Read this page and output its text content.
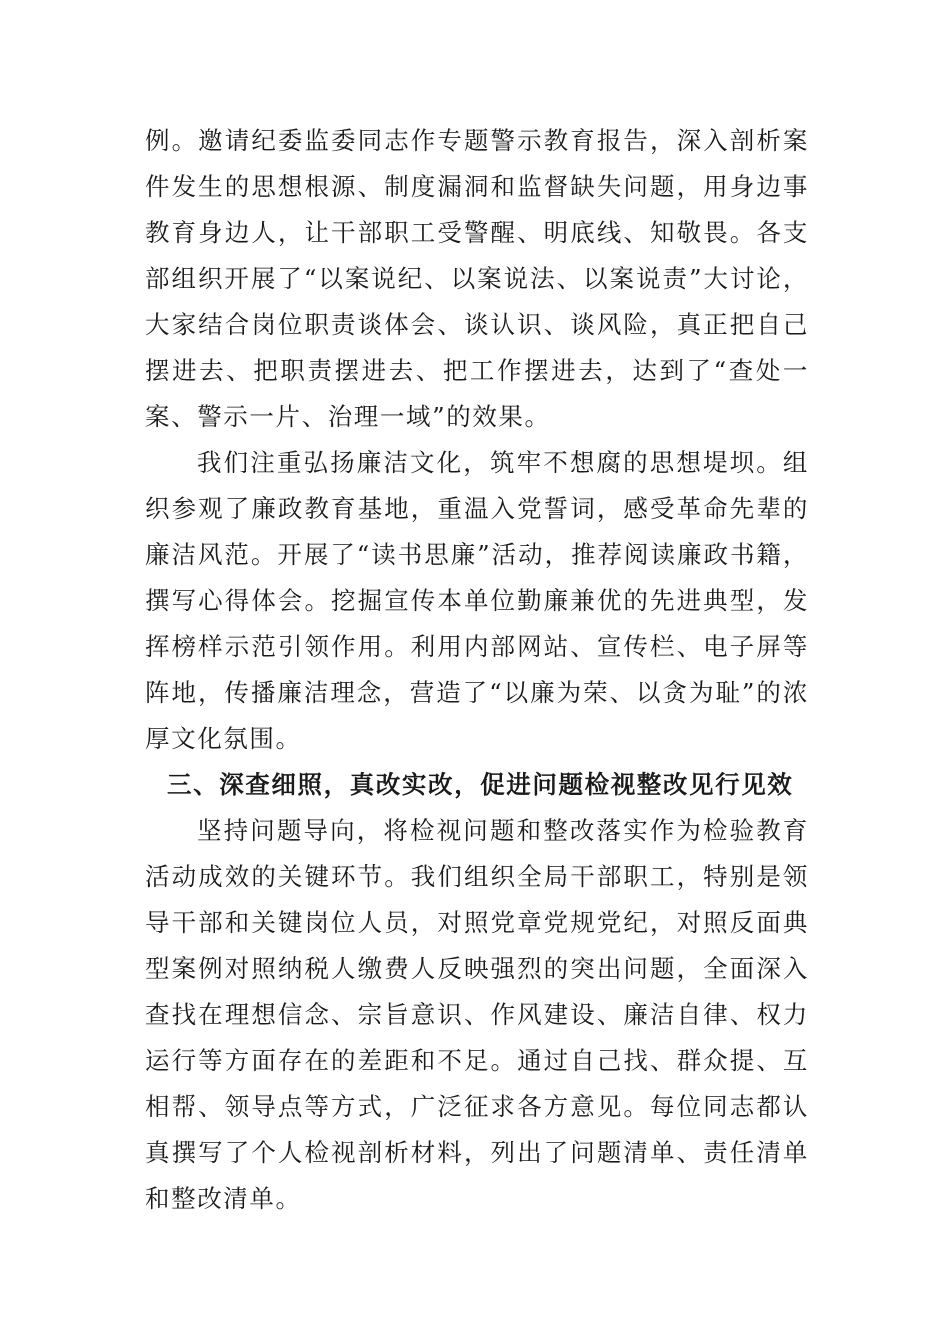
例。邀请纪委监委同志作专题警示教育报告，深入剖析案件发生的思想根源、制度漏洞和监督缺失问题，用身边事教育身边人，让干部职工受警醒、明底线、知敬畏。各支部组织开展了“以案说纪、以案说法、以案说责”大讨论，大家结合岗位职责谈体会、谈认识、谈风险，真正把自己摆进去、把职责摆进去、把工作摆进去，达到了“查处一案、警示一片、治理一域”的效果。

我们注重弘扬廉洁文化，筑牢不想腐的思想堤坝。组织参观了廉政教育基地，重温入党誓词，感受革命先辈的廉洁风范。开展了“读书思廉”活动，推荐阅读廉政书籍，撰写心得体会。挖掘宣传本单位勤廉兼优的先进典型，发挥榜样示范引领作用。利用内部网站、宣传栏、电子屏等阵地，传播廉洁理念，营造了“以廉为荣、以贪为耻”的浓厚文化氛围。

三、深查细照，真改实改，促进问题检视整改见行见效

坚持问题导向，将检视问题和整改落实作为检验教育活动成效的关键环节。我们组织全局干部职工，特别是领导干部和关键岗位人员，对照党章党规党纪，对照反面典型案例对照纳税人缴费人反映强烈的突出问题，全面深入查找在理想信念、宗旨意识、作风建设、廉洁自律、权力运行等方面存在的差距和不足。通过自己找、群众提、互相帮、领导点等方式，广泛征求各方意见。每位同志都认真撰写了个人检视剖析材料，列出了问题清单、责任清单和整改清单。
